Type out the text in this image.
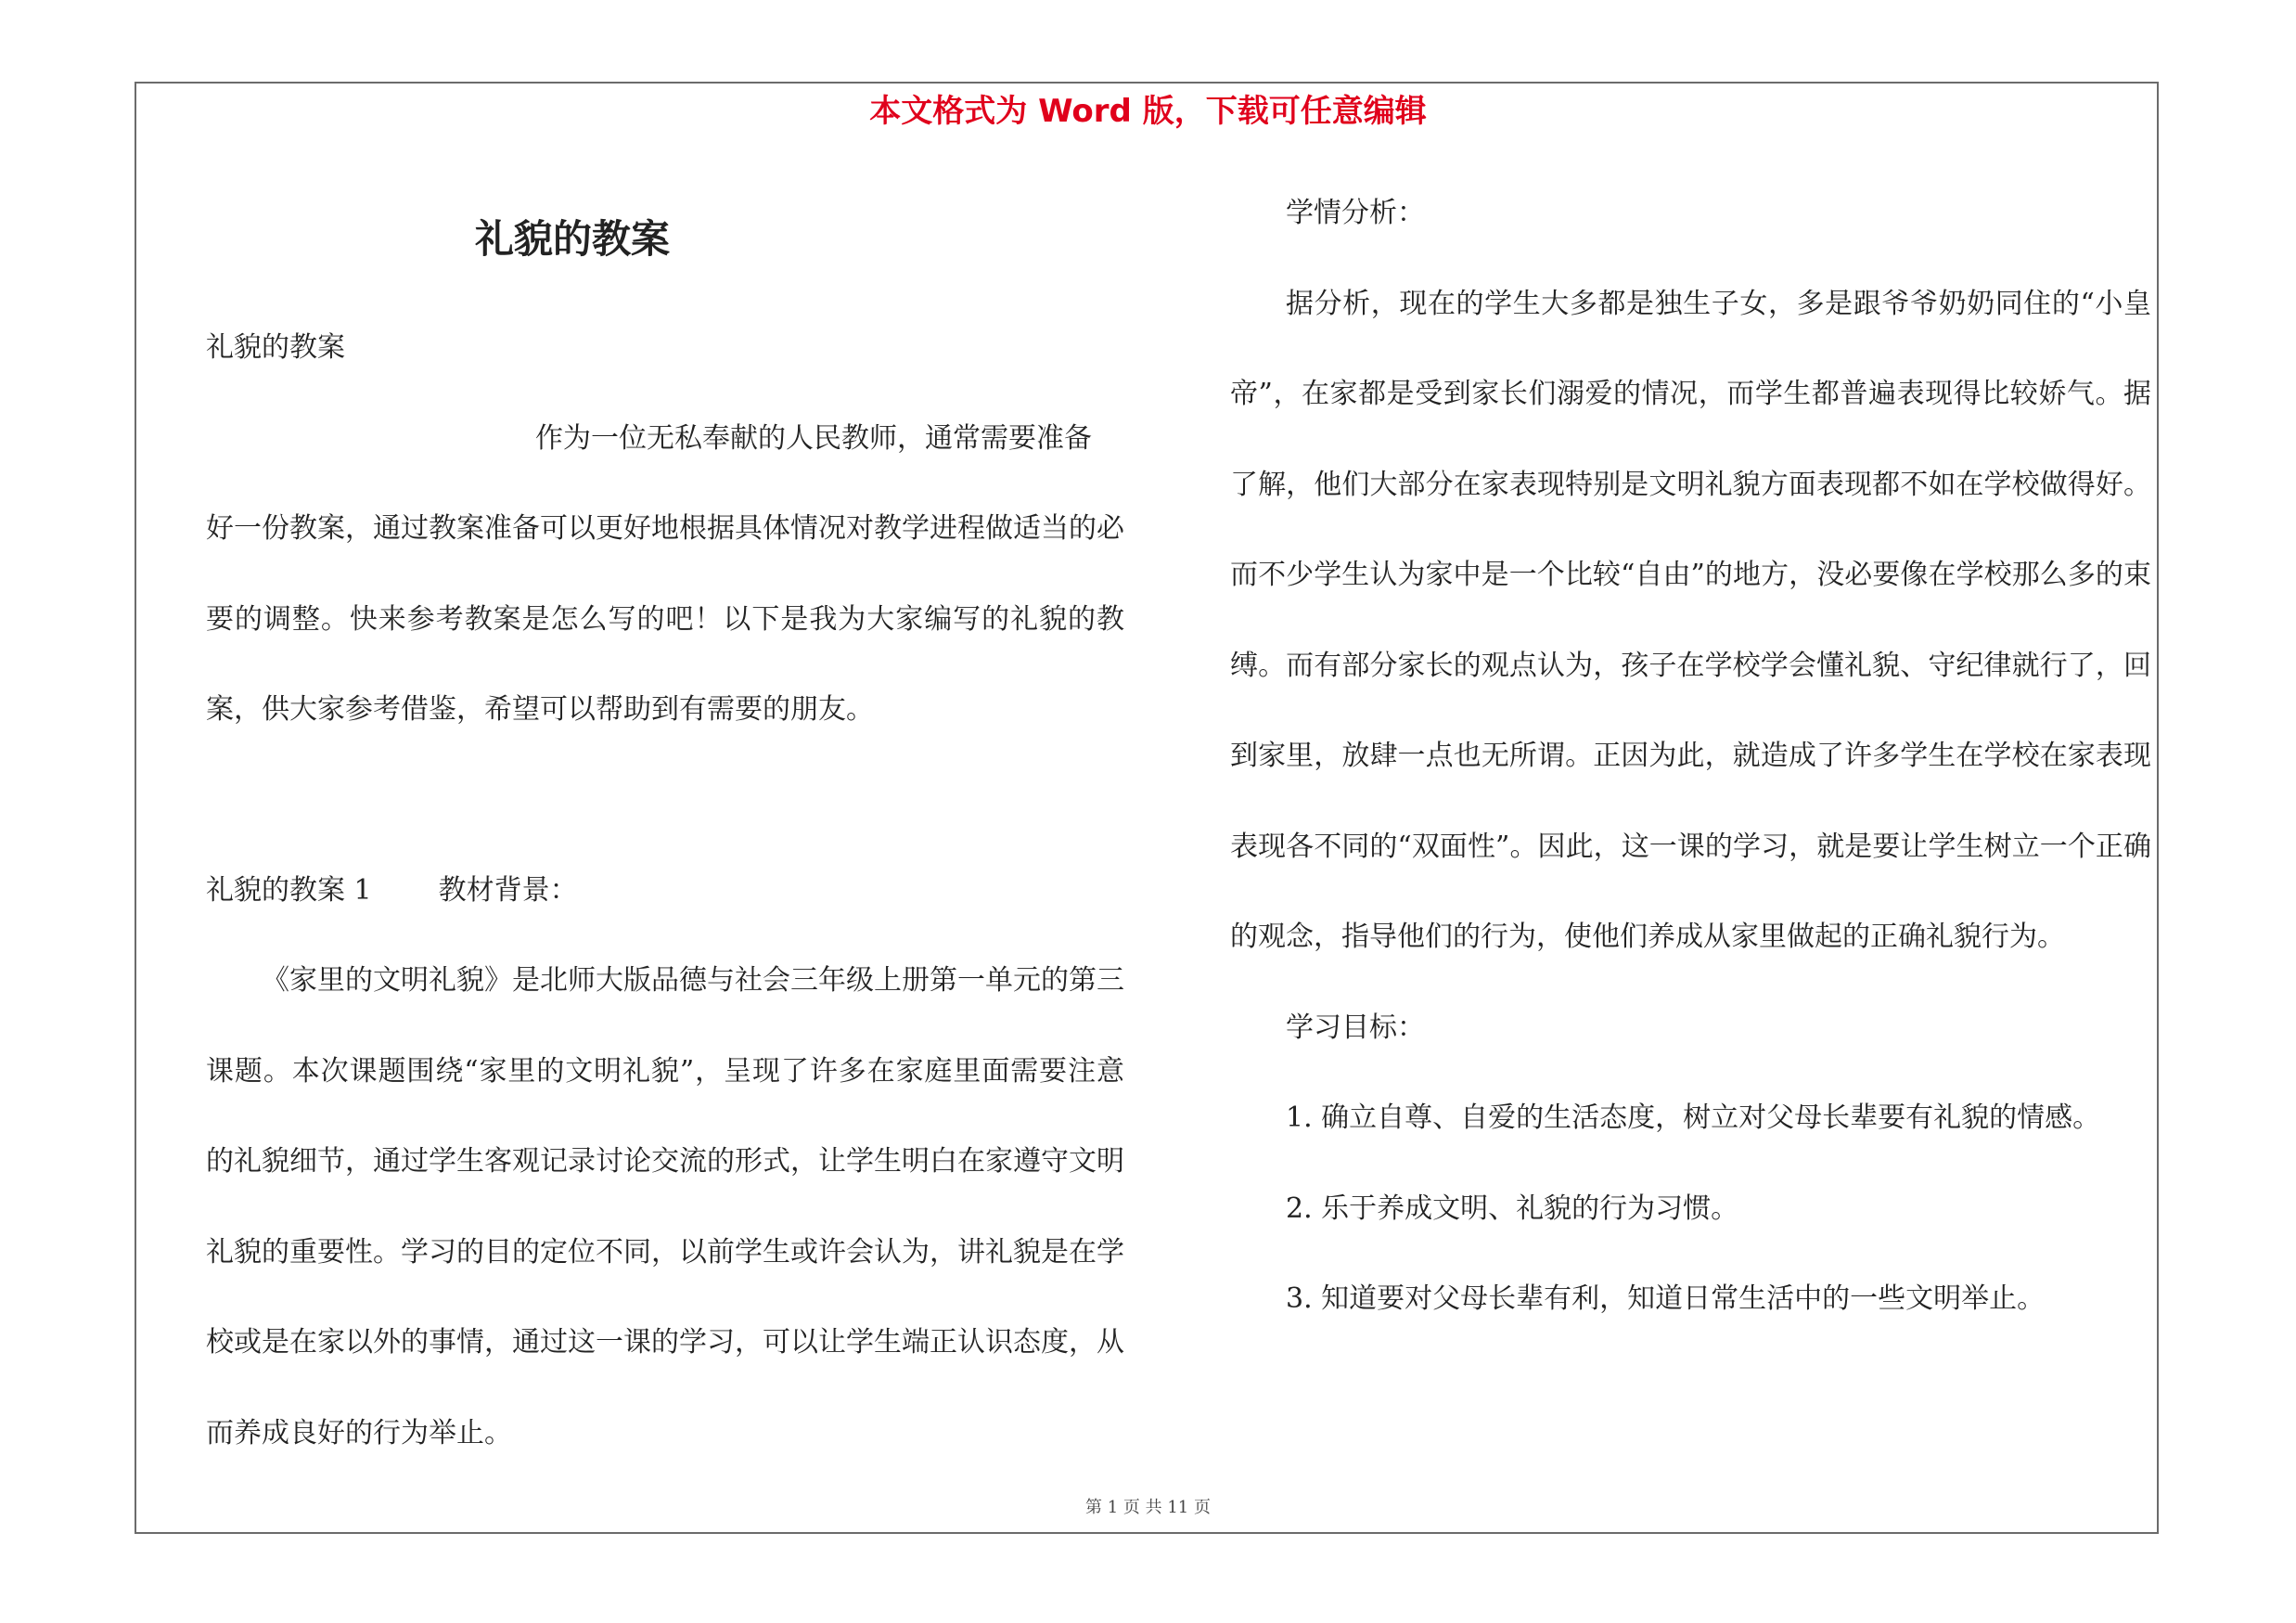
本文格式为 Word 版，下载可任意编辑
礼貌的教案

礼貌的教案

作为一位无私奉献的人民教师，通常需要准备

好一份教案，通过教案准备可以更好地根据具体情况对教学进程做适当的必要的调整。快来参考教案是怎么写的吧！以下是我为大家编写的礼貌的教案，供大家参考借鉴，希望可以帮助到有需要的朋友。

礼貌的教案 1 教材背景：

《家里的文明礼貌》是北师大版品德与社会三年级上册第一单元的第三课题。本次课题围绕“家里的文明礼貌”，呈现了许多在家庭里面需要注意的礼貌细节，通过学生客观记录讨论交流的形式，让学生明白在家遵守文明礼貌的重要性。学习的目的定位不同，以前学生或许会认为，讲礼貌是在学校或是在家以外的事情，通过这一课的学习，可以让学生端正认识态度，从而养成良好的行为举止。

学情分析：

据分析，现在的学生大多都是独生子女，多是跟爷爷奶奶同住的“小皇帝”，在家都是受到家长们溺爱的情况，而学生都普遍表现得比较娇气。据了解，他们大部分在家表现特别是文明礼貌方面表现都不如在学校做得好。而不少学生认为家中是一个比较“自由”的地方，没必要像在学校那么多的束缚。而有部分家长的观点认为，孩子在学校学会懂礼貌、守纪律就行了，回到家里，放肆一点也无所谓。正因为此，就造成了许多学生在学校在家表现表现各不同的“双面性”。因此，这一课的学习，就是要让学生树立一个正确的观念，指导他们的行为，使他们养成从家里做起的正确礼貌行为。

学习目标：

1. 确立自尊、自爱的生活态度，树立对父母长辈要有礼貌的情感。

2. 乐于养成文明、礼貌的行为习惯。

3. 知道要对父母长辈有利，知道日常生活中的一些文明举止。

第 1 页 共 11 页
